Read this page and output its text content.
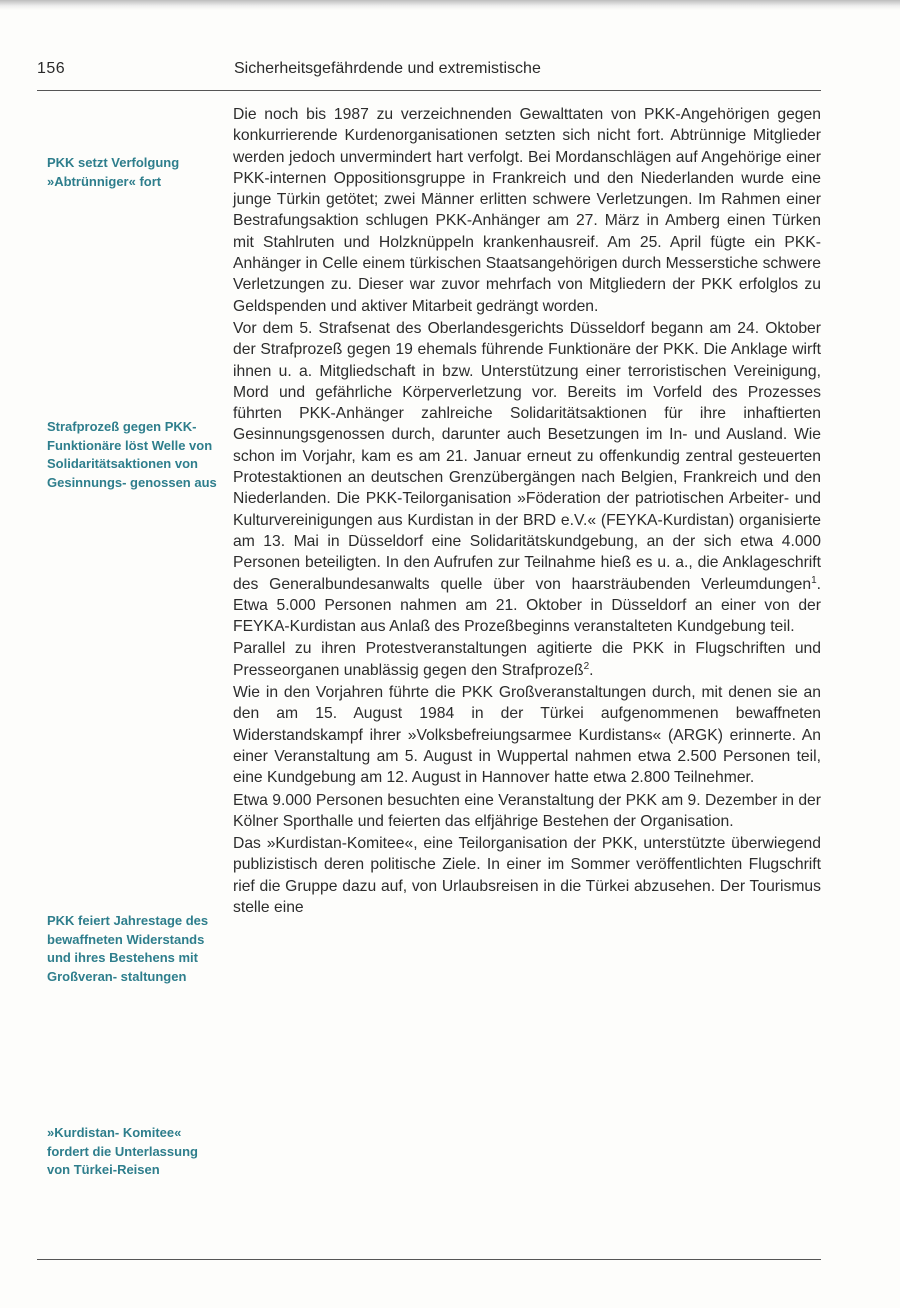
156	Sicherheitsgefährdende und extremistische

PKK setzt Verfolgung »Abtrünniger« fort

Strafprozeß gegen PKK-Funktionäre löst Welle von Solidaritätsaktionen von Gesinnungs- genossen aus

PKK feiert Jahrestage des bewaffneten Widerstands und ihres Bestehens mit Großveran- staltungen

»Kurdistan- Komitee« fordert die Unterlassung von Türkei-Reisen

Die noch bis 1987 zu verzeichnenden Gewalttaten von PKK-Angehörigen gegen konkurrierende Kurdenorganisationen setzten sich nicht fort. Abtrünnige Mitglieder werden jedoch unvermindert hart verfolgt. Bei Mordanschlägen auf Angehörige einer PKK-internen Oppositionsgruppe in Frankreich und den Niederlanden wurde eine junge Türkin getötet; zwei Männer erlitten schwere Verletzungen. Im Rahmen einer Bestrafungsaktion schlugen PKK-Anhänger am 27. März in Amberg einen Türken mit Stahlruten und Holzknüppeln krankenhausreif. Am 25. April fügte ein PKK-Anhänger in Celle einem türkischen Staatsangehörigen durch Messerstiche schwere Verletzungen zu. Dieser war zuvor mehrfach von Mitgliedern der PKK erfolglos zu Geldspenden und aktiver Mitarbeit gedrängt worden.

Vor dem 5. Strafsenat des Oberlandesgerichts Düsseldorf begann am 24. Oktober der Strafprozeß gegen 19 ehemals führende Funktionäre der PKK. Die Anklage wirft ihnen u. a. Mitgliedschaft in bzw. Unterstützung einer terroristischen Vereinigung, Mord und gefährliche Körperverletzung vor. Bereits im Vorfeld des Prozesses führten PKK-Anhänger zahlreiche Solidaritätsaktionen für ihre inhaftierten Gesinnungsgenossen durch, darunter auch Besetzungen im In- und Ausland. Wie schon im Vorjahr, kam es am 21. Januar erneut zu offenkundig zentral gesteuerten Protestaktionen an deutschen Grenzübergängen nach Belgien, Frankreich und den Niederlanden. Die PKK-Teilorganisation »Föderation der patriotischen Arbeiter- und Kulturvereinigungen aus Kurdistan in der BRD e.V.« (FEYKA-Kurdistan) organisierte am 13. Mai in Düsseldorf eine Solidaritätskundgebung, an der sich etwa 4.000 Personen beteiligten. In den Aufrufen zur Teilnahme hieß es u. a., die Anklageschrift des Generalbundesanwalts quelle über von haarsträubenden Verleumdungen$^1$. Etwa 5.000 Personen nahmen am 21. Oktober in Düsseldorf an einer von der FEYKA-Kurdistan aus Anlaß des Prozeßbeginns veranstalteten Kundgebung teil.

Parallel zu ihren Protestveranstaltungen agitierte die PKK in Flugschriften und Presseorganen unablässig gegen den Strafprozeß$^2$.

Wie in den Vorjahren führte die PKK Großveranstaltungen durch, mit denen sie an den am 15. August 1984 in der Türkei aufgenommenen bewaffneten Widerstandskampf ihrer »Volksbefreiungsarmee Kurdistans« (ARGK) erinnerte. An einer Veranstaltung am 5. August in Wuppertal nahmen etwa 2.500 Personen teil, eine Kundgebung am 12. August in Hannover hatte etwa 2.800 Teilnehmer.

Etwa 9.000 Personen besuchten eine Veranstaltung der PKK am 9. Dezember in der Kölner Sporthalle und feierten das elfjährige Bestehen der Organisation.

Das »Kurdistan-Komitee«, eine Teilorganisation der PKK, unterstützte überwiegend publizistisch deren politische Ziele. In einer im Sommer veröffentlichten Flugschrift rief die Gruppe dazu auf, von Urlaubsreisen in die Türkei abzusehen. Der Tourismus stelle eine
